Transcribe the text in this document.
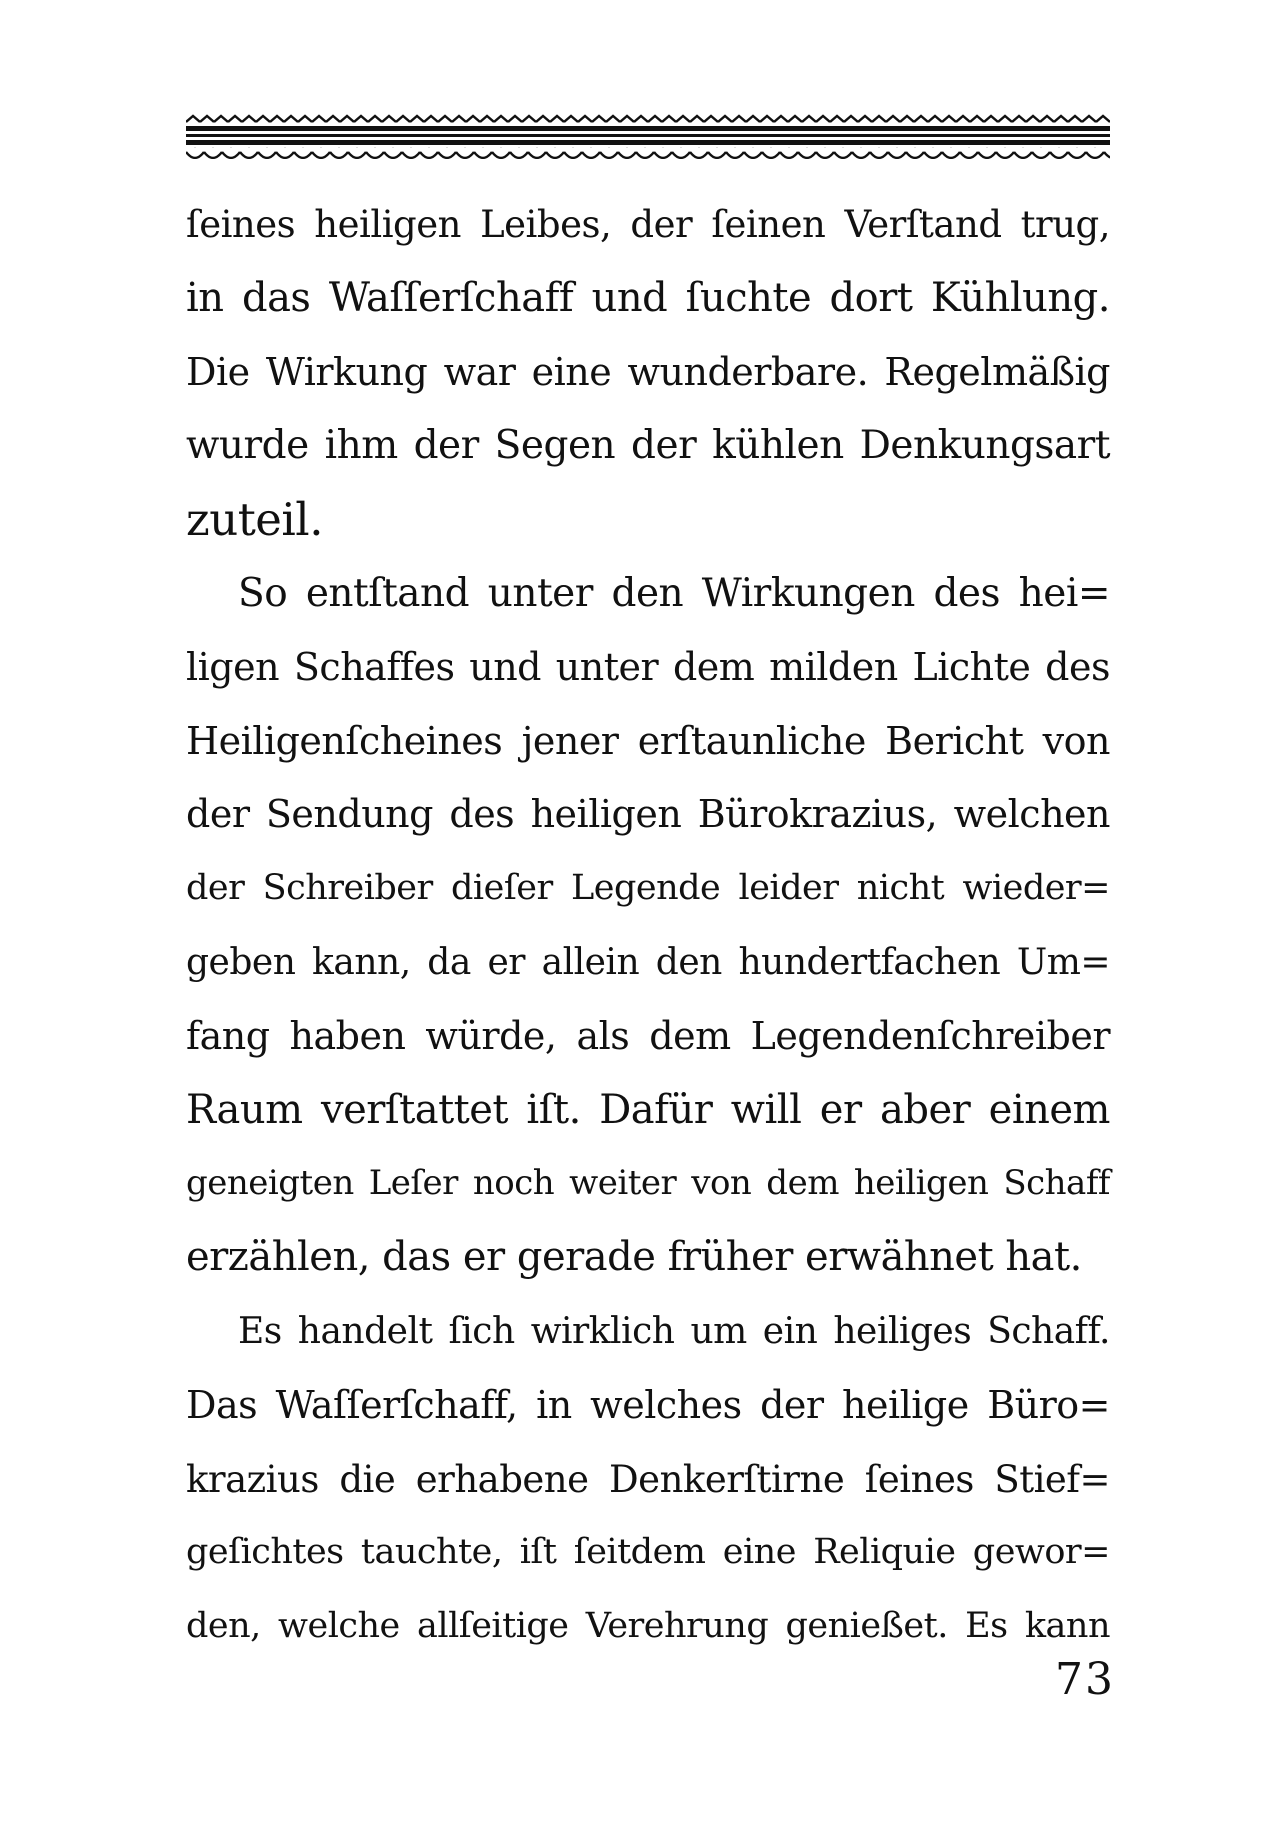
ſeines heiligen Leibes, der ſeinen Verſtand trug,
in das Waſſerſchaff und ſuchte dort Kühlung.
Die Wirkung war eine wunderbare. Regelmäßig
wurde ihm der Segen der kühlen Denkungsart
zuteil.
So entſtand unter den Wirkungen des hei=
ligen Schaffes und unter dem milden Lichte des
Heiligenſcheines jener erſtaunliche Bericht von
der Sendung des heiligen Bürokrazius, welchen
der Schreiber dieſer Legende leider nicht wieder=
geben kann, da er allein den hundertfachen Um=
fang haben würde, als dem Legendenſchreiber
Raum verſtattet iſt. Dafür will er aber einem
geneigten Leſer noch weiter von dem heiligen Schaff
erzählen, das er gerade früher erwähnet hat.
Es handelt ſich wirklich um ein heiliges Schaff.
Das Waſſerſchaff, in welches der heilige Büro=
krazius die erhabene Denkerſtirne ſeines Stief=
geſichtes tauchte, iſt ſeitdem eine Reliquie gewor=
den, welche allſeitige Verehrung genießet. Es kann
73
